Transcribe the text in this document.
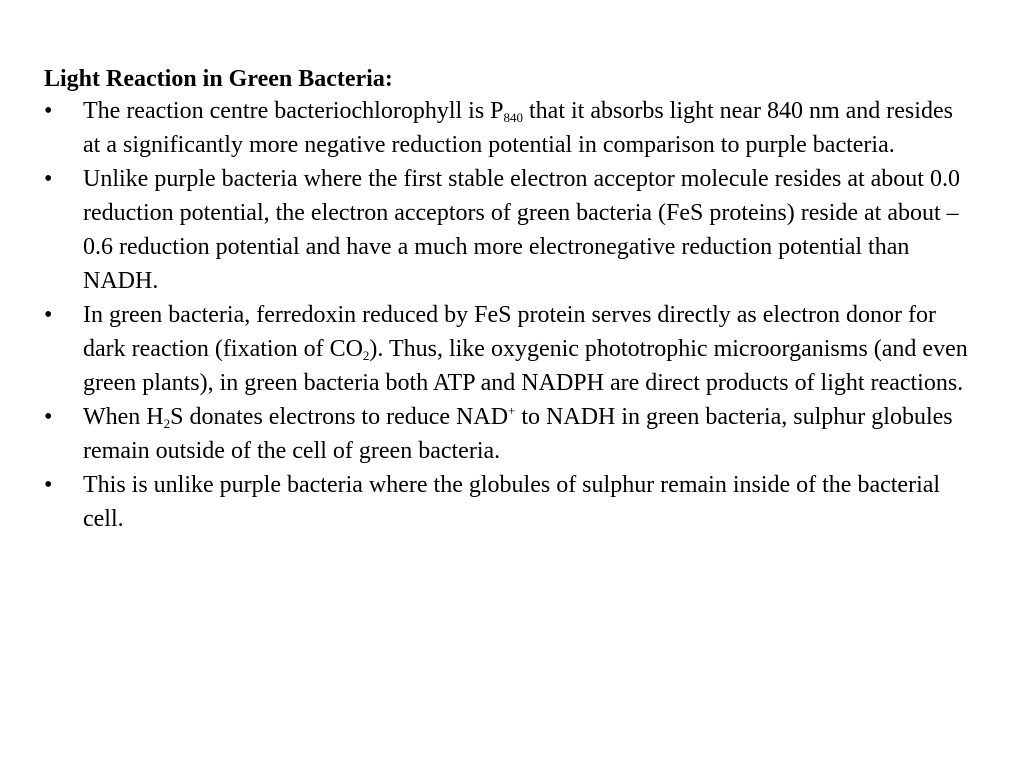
Light Reaction in Green Bacteria:
•	The reaction centre bacteriochlorophyll is $P_{840}$ that it absorbs light near 840 nm and resides at a significantly more negative reduction potential in comparison to purple bacteria.
•	Unlike purple bacteria where the first stable electron acceptor molecule resides at about 0.0 reduction potential, the electron acceptors of green bacteria (FeS proteins) reside at about – 0.6 reduction potential and have a much more electronegative reduction potential than NADH.
•	In green bacteria, ferredoxin reduced by FeS protein serves directly as electron donor for dark reaction (fixation of $CO_2$). Thus, like oxygenic phototrophic microorganisms (and even green plants), in green bacteria both ATP and NADPH are direct products of light reactions.
•	When $H_2S$ donates electrons to reduce NAD+ to NADH in green bacteria, sulphur globules remain outside of the cell of green bacteria.
•	This is unlike purple bacteria where the globules of sulphur remain inside of the bacterial cell.
